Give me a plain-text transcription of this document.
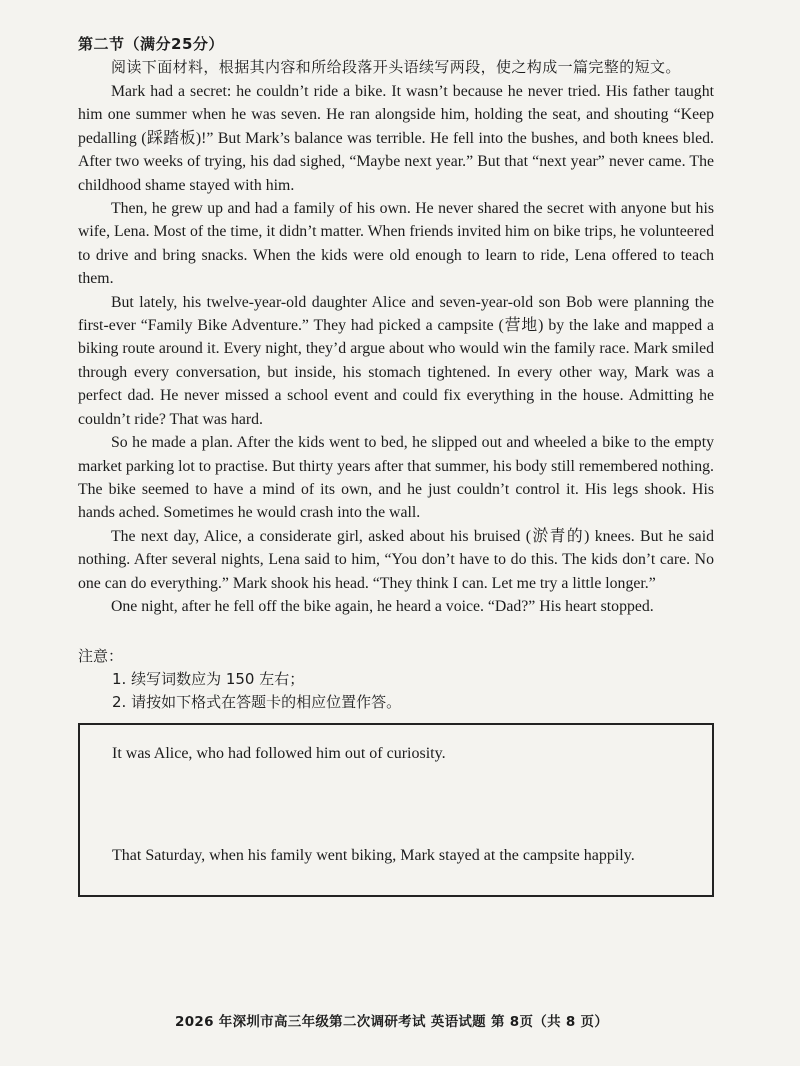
第二节（满分25分）
阅读下面材料，根据其内容和所给段落开头语续写两段，使之构成一篇完整的短文。

Mark had a secret: he couldn’t ride a bike. It wasn’t because he never tried. His father taught him one summer when he was seven. He ran alongside him, holding the seat, and shouting “Keep pedalling (踩踏板)!” But Mark’s balance was terrible. He fell into the bushes, and both knees bled. After two weeks of trying, his dad sighed, “Maybe next year.” But that “next year” never came. The childhood shame stayed with him.

Then, he grew up and had a family of his own. He never shared the secret with anyone but his wife, Lena. Most of the time, it didn’t matter. When friends invited him on bike trips, he volunteered to drive and bring snacks. When the kids were old enough to learn to ride, Lena offered to teach them.

But lately, his twelve-year-old daughter Alice and seven-year-old son Bob were planning the first-ever “Family Bike Adventure.” They had picked a campsite (营地) by the lake and mapped a biking route around it. Every night, they’d argue about who would win the family race. Mark smiled through every conversation, but inside, his stomach tightened. In every other way, Mark was a perfect dad. He never missed a school event and could fix everything in the house. Admitting he couldn’t ride? That was hard.

So he made a plan. After the kids went to bed, he slipped out and wheeled a bike to the empty market parking lot to practise. But thirty years after that summer, his body still remembered nothing. The bike seemed to have a mind of its own, and he just couldn’t control it. His legs shook. His hands ached. Sometimes he would crash into the wall.

The next day, Alice, a considerate girl, asked about his bruised (淤青的) knees. But he said nothing. After several nights, Lena said to him, “You don’t have to do this. The kids don’t care. No one can do everything.” Mark shook his head. “They think I can. Let me try a little longer.”

One night, after he fell off the bike again, he heard a voice. “Dad?” His heart stopped.

注意：
1. 续写词数应为 150 左右；
2. 请按如下格式在答题卡的相应位置作答。
It was Alice, who had followed him out of curiosity.
That Saturday, when his family went biking, Mark stayed at the campsite happily.
2026 年深圳市高三年级第二次调研考试 英语试题 第 8页（共 8 页）
